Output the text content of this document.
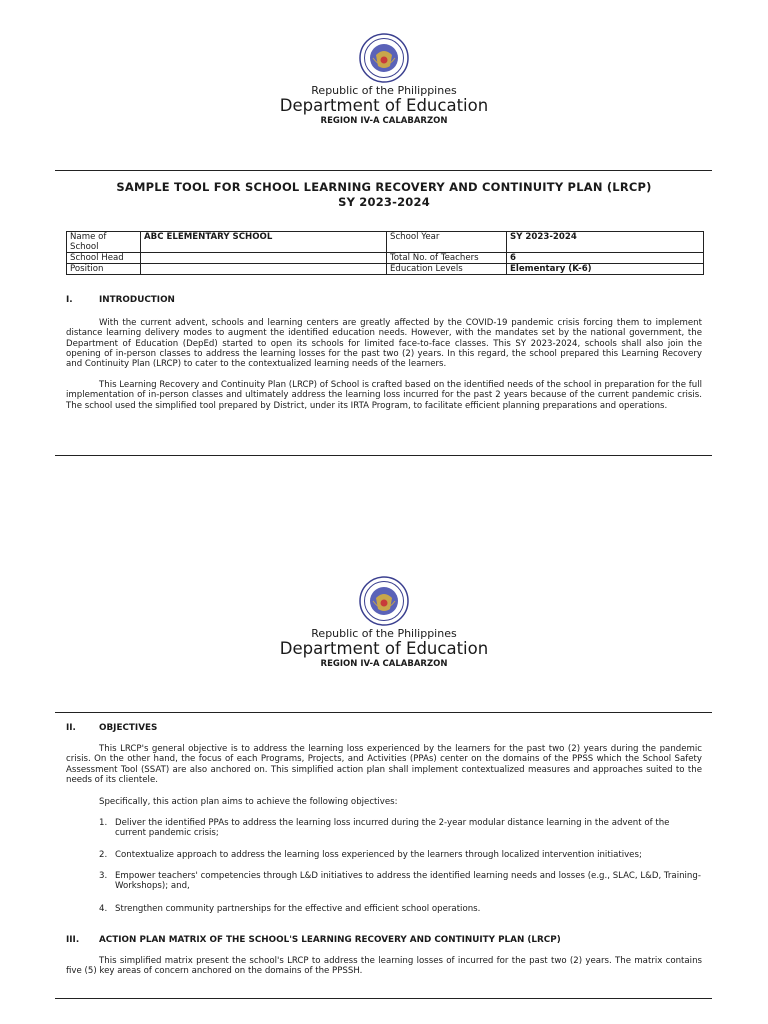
Republic of the Philippines
Department of Education
REGION IV-A CALABARZON
SAMPLE TOOL FOR SCHOOL LEARNING RECOVERY AND CONTINUITY PLAN (LRCP)
SY 2023-2024
Name of School	ABC ELEMENTARY SCHOOL	School Year	SY 2023-2024
School Head		Total No. of Teachers	6
Position		Education Levels	Elementary (K-6)
I.	INTRODUCTION

With the current advent, schools and learning centers are greatly affected by the COVID-19 pandemic crisis forcing them to implement distance learning delivery modes to augment the identified education needs. However, with the mandates set by the national government, the Department of Education (DepEd) started to open its schools for limited face-to-face classes. This SY 2023-2024, schools shall also join the opening of in-person classes to address the learning losses for the past two (2) years. In this regard, the school prepared this Learning Recovery and Continuity Plan (LRCP) to cater to the contextualized learning needs of the learners.

This Learning Recovery and Continuity Plan (LRCP) of School is crafted based on the identified needs of the school in preparation for the full implementation of in-person classes and ultimately address the learning loss incurred for the past 2 years because of the current pandemic crisis. The school used the simplified tool prepared by District, under its IRTA Program, to facilitate efficient planning preparations and operations.

Republic of the Philippines
Department of Education
REGION IV-A CALABARZON
II.	OBJECTIVES

This LRCP's general objective is to address the learning loss experienced by the learners for the past two (2) years during the pandemic crisis. On the other hand, the focus of each Programs, Projects, and Activities (PPAs) center on the domains of the PPSS which the School Safety Assessment Tool (SSAT) are also anchored on. This simplified action plan shall implement contextualized measures and approaches suited to the needs of its clientele.

Specifically, this action plan aims to achieve the following objectives:
1. Deliver the identified PPAs to address the learning loss incurred during the 2-year modular distance learning in the advent of the current pandemic crisis;

2. Contextualize approach to address the learning loss experienced by the learners through localized intervention initiatives;

3. Empower teachers' competencies through L&D initiatives to address the identified learning needs and losses (e.g., SLAC, L&D, Training-Workshops); and,

4. Strengthen community partnerships for the effective and efficient school operations.

III. ACTION PLAN MATRIX OF THE SCHOOL'S LEARNING RECOVERY AND CONTINUITY PLAN (LRCP)

This simplified matrix present the school's LRCP to address the learning losses of incurred for the past two (2) years. The matrix contains five (5) key areas of concern anchored on the domains of the PPSSH.
